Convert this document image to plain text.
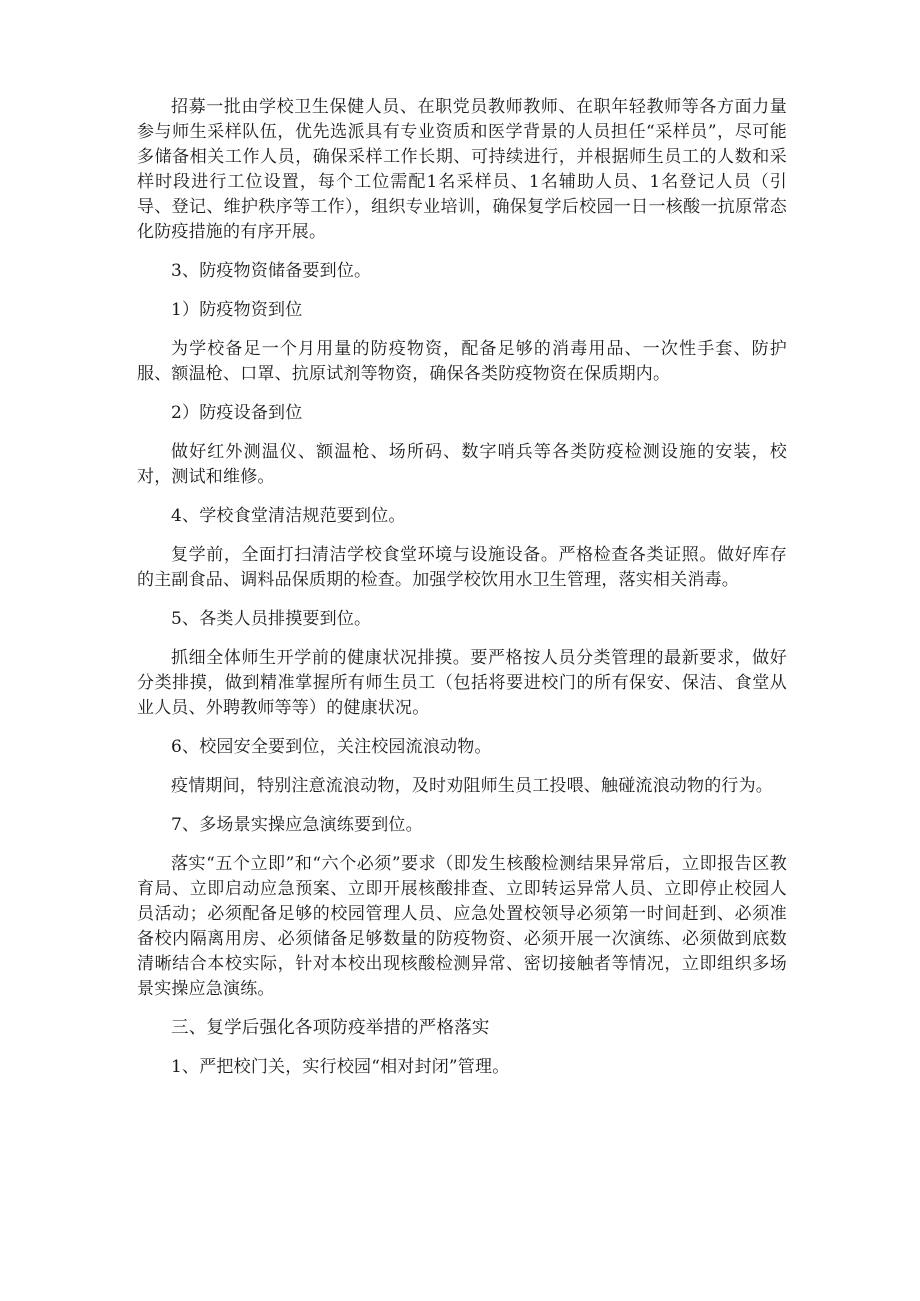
招募一批由学校卫生保健人员、在职党员教师教师、在职年轻教师等各方面力量参与师生采样队伍，优先选派具有专业资质和医学背景的人员担任“采样员”，尽可能多储备相关工作人员，确保采样工作长期、可持续进行，并根据师生员工的人数和采样时段进行工位设置，每个工位需配1名采样员、1名辅助人员、1名登记人员（引导、登记、维护秩序等工作），组织专业培训，确保复学后校园一日一核酸一抗原常态化防疫措施的有序开展。

3、防疫物资储备要到位。

1）防疫物资到位

为学校备足一个月用量的防疫物资，配备足够的消毒用品、一次性手套、防护服、额温枪、口罩、抗原试剂等物资，确保各类防疫物资在保质期内。

2）防疫设备到位

做好红外测温仪、额温枪、场所码、数字哨兵等各类防疫检测设施的安装，校对，测试和维修。

4、学校食堂清洁规范要到位。

复学前，全面打扫清洁学校食堂环境与设施设备。严格检查各类证照。做好库存的主副食品、调料品保质期的检查。加强学校饮用水卫生管理，落实相关消毒。

5、各类人员排摸要到位。

抓细全体师生开学前的健康状况排摸。要严格按人员分类管理的最新要求，做好分类排摸，做到精准掌握所有师生员工（包括将要进校门的所有保安、保洁、食堂从业人员、外聘教师等等）的健康状况。

6、校园安全要到位，关注校园流浪动物。

疫情期间，特别注意流浪动物，及时劝阻师生员工投喂、触碰流浪动物的行为。

7、多场景实操应急演练要到位。

落实“五个立即”和“六个必须”要求（即发生核酸检测结果异常后，立即报告区教育局、立即启动应急预案、立即开展核酸排查、立即转运异常人员、立即停止校园人员活动；必须配备足够的校园管理人员、应急处置校领导必须第一时间赶到、必须准备校内隔离用房、必须储备足够数量的防疫物资、必须开展一次演练、必须做到底数清晰结合本校实际，针对本校出现核酸检测异常、密切接触者等情况，立即组织多场景实操应急演练。

三、复学后强化各项防疫举措的严格落实

1、严把校门关，实行校园“相对封闭”管理。
